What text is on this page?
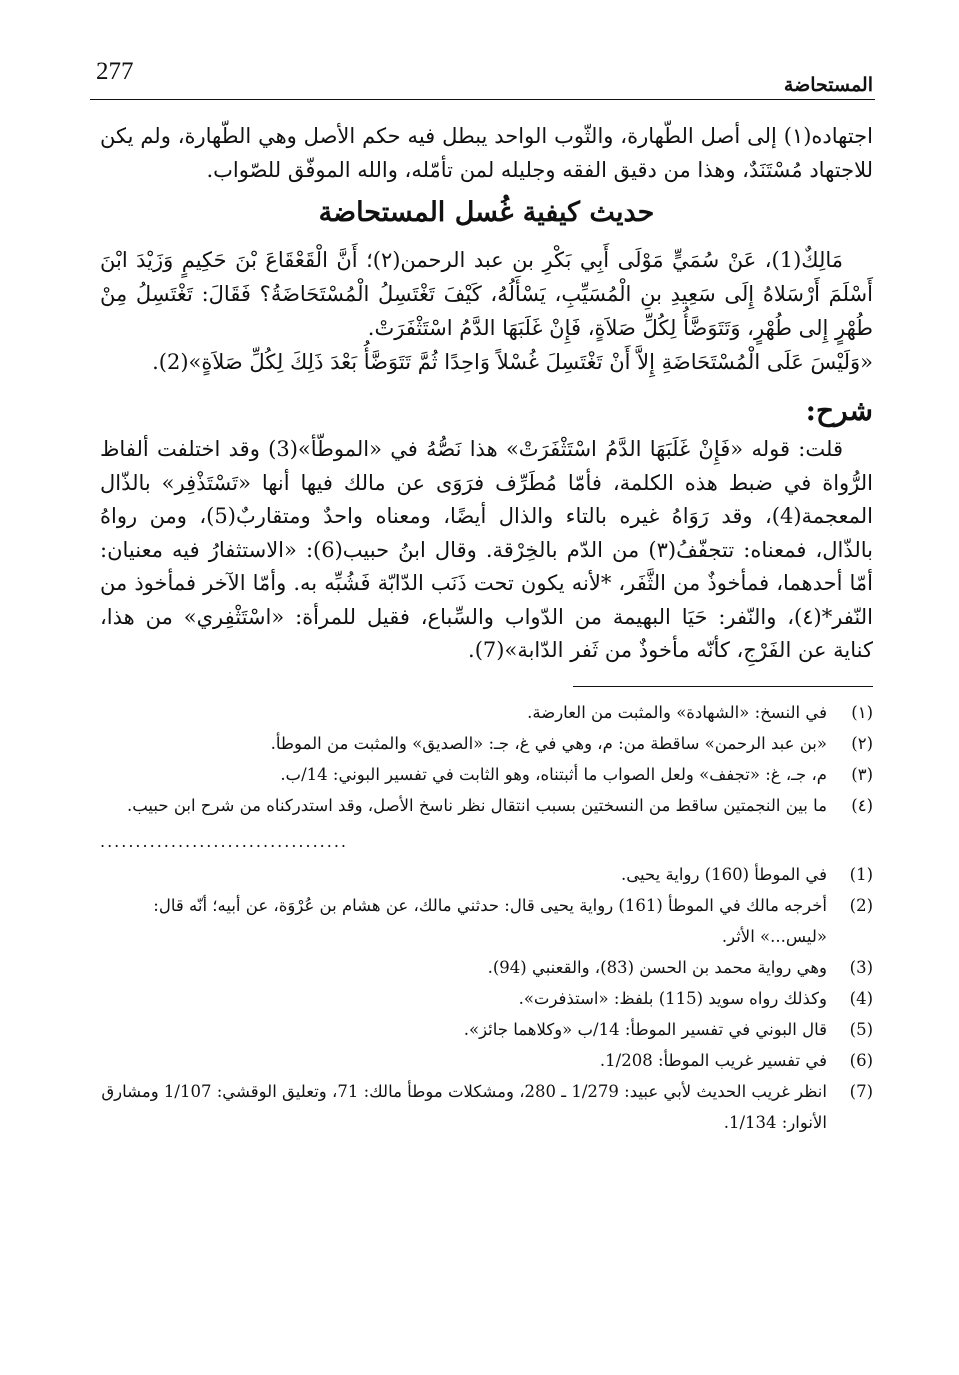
277	المستحاضة

اجتهاده(١) إلى أصل الطّهارة، والثّوب الواحد يبطل فيه حكم الأصل وهي الطّهارة، ولم يكن للاجتهاد مُسْتَنَدٌ، وهذا من دقيق الفقه وجليله لمن تأمّله، والله الموفّق للصّواب.

حديث كيفية غُسل المستحاضة

مَالِكٌ(1)، عَنْ سُمَيٍّ مَوْلَى أَبِي بَكْرِ بن عبد الرحمن(٢)؛ أَنَّ الْقَعْقَاعَ بْنَ حَكِيمٍ وَزَيْدَ ابْنَ أَسْلَمَ أَرْسَلاهُ إِلَى سَعِيدِ بنِ الْمُسَيِّبِ، يَسْأَلُهُ، كَيْفَ تَغْتَسِلُ الْمُسْتَحَاضَةُ؟ فَقَالَ: تَغْتَسِلُ مِنْ طُهْرٍ إِلى طُهْرٍ، وَتَتَوَضَّأُ لِكُلِّ صَلاَةٍ، فَإِنْ غَلَبَهَا الدَّمُ اسْتَثْفَرَتْ.

«وَلَيْسَ عَلَى الْمُسْتَحَاضَةِ إِلاَّ أَنْ تَغْتَسِلَ غُسْلاً وَاحِدًا ثُمَّ تَتَوَضَّأُ بَعْدَ ذَلِكَ لِكُلِّ صَلاَةٍ»(2).

شرح:

قلت: قوله «فَإِنْ غَلَبَهَا الدَّمُ اسْتَثْفَرَتْ» هذا نَصُّهُ في «الموطّأ»(3) وقد اختلفت ألفاظ الرُّواة في ضبط هذه الكلمة، فأمّا مُطَرِّف فرَوَى عن مالك فيها أنها «تَسْتَذْفِر» بالذّال المعجمة(4)، وقد رَوَاهُ غيره بالتاء والذال أيضًا، ومعناه واحدٌ ومتقاربٌ(5)، ومن رواهُ بالذّال، فمعناه: تتجفّفُ(٣) من الدّم بالخِرْقة. وقال ابنُ حبيب(6): «الاستثفارُ فيه معنيان: أمّا أحدهما، فمأخوذٌ من الثَّفَر، *لأنه يكون تحت ذَنَب الدّابّة فَشُبِّه به. وأمّا الآخر فمأخوذ من النّفر*(٤)، والنّفر: حَيَا البهيمة من الدّواب والسِّباع، فقيل للمرأة: «اسْتَثْفِري» من هذا، كناية عن الفَرْجِ، كأنّه مأخوذٌ من ثَفر الدّابة»(7).

(١)
في النسخ: «الشهادة» والمثبت من العارضة.
(٢)
«بن عبد الرحمن» ساقطة من: م، وهي في غ، جـ: «الصديق» والمثبت من الموطأ.
(٣)
م، جـ، غ: «تجفف» ولعل الصواب ما أثبتناه، وهو الثابت في تفسير البوني: 14/ب.
(٤)
ما بين النجمتين ساقط من النسختين بسبب انتقال نظر ناسخ الأصل، وقد استدركناه من شرح ابن حبيب.
...................................
(1)
في الموطأ (160) رواية يحيى.
(2)
أخرجه مالك في الموطأ (161) رواية يحيى قال: حدثني مالك، عن هشام بن عُرْوَة، عن أبيه؛ أنّه قال: «ليس...» الأثر.
(3)
وهي رواية محمد بن الحسن (83)، والقعنبي (94).
(4)
وكذلك رواه سويد (115) بلفظ: «استذفرت».
(5)
قال البوني في تفسير الموطأ: 14/ب «وكلاهما جائز».
(6)
في تفسير غريب الموطأ: 1/208.
(7)
انظر غريب الحديث لأبي عبيد: 1/279 ـ 280، ومشكلات موطأ مالك: 71، وتعليق الوقشي: 1/107 ومشارق الأنوار: 1/134.
